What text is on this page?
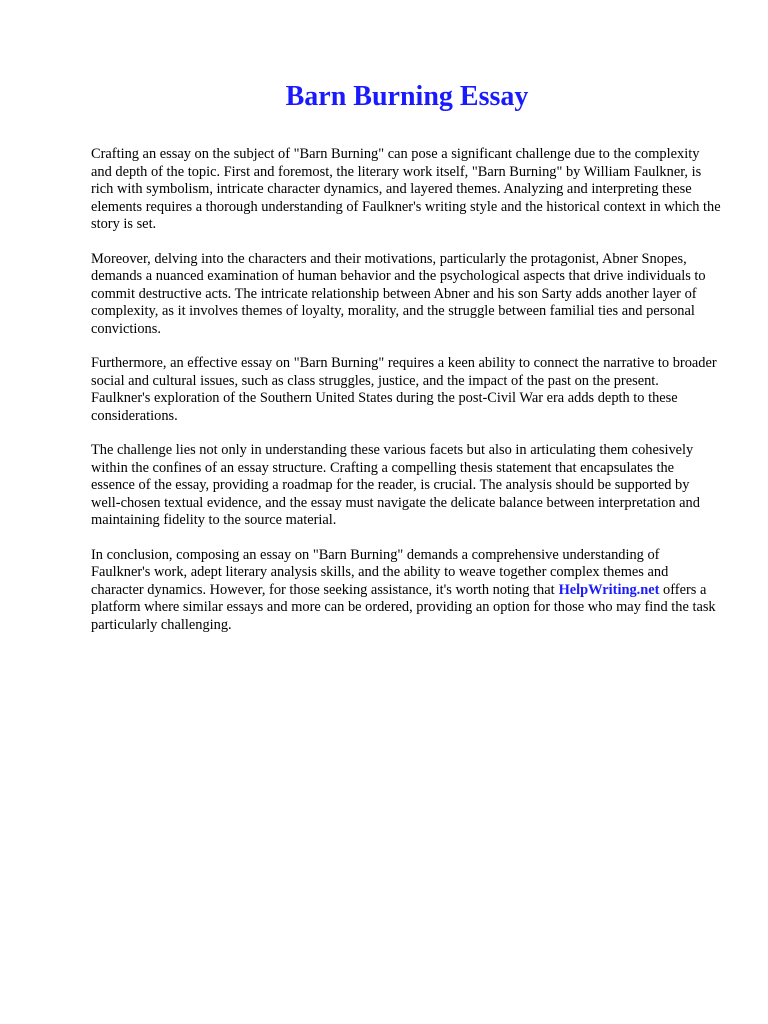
Barn Burning Essay

Crafting an essay on the subject of "Barn Burning" can pose a significant challenge due to the complexity and depth of the topic. First and foremost, the literary work itself, "Barn Burning" by William Faulkner, is rich with symbolism, intricate character dynamics, and layered themes. Analyzing and interpreting these elements requires a thorough understanding of Faulkner's writing style and the historical context in which the story is set.

Moreover, delving into the characters and their motivations, particularly the protagonist, Abner Snopes, demands a nuanced examination of human behavior and the psychological aspects that drive individuals to commit destructive acts. The intricate relationship between Abner and his son Sarty adds another layer of complexity, as it involves themes of loyalty, morality, and the struggle between familial ties and personal convictions.

Furthermore, an effective essay on "Barn Burning" requires a keen ability to connect the narrative to broader social and cultural issues, such as class struggles, justice, and the impact of the past on the present. Faulkner's exploration of the Southern United States during the post-Civil War era adds depth to these considerations.

The challenge lies not only in understanding these various facets but also in articulating them cohesively within the confines of an essay structure. Crafting a compelling thesis statement that encapsulates the essence of the essay, providing a roadmap for the reader, is crucial. The analysis should be supported by well-chosen textual evidence, and the essay must navigate the delicate balance between interpretation and maintaining fidelity to the source material.

In conclusion, composing an essay on "Barn Burning" demands a comprehensive understanding of Faulkner's work, adept literary analysis skills, and the ability to weave together complex themes and character dynamics. However, for those seeking assistance, it's worth noting that HelpWriting.net offers a platform where similar essays and more can be ordered, providing an option for those who may find the task particularly challenging.
